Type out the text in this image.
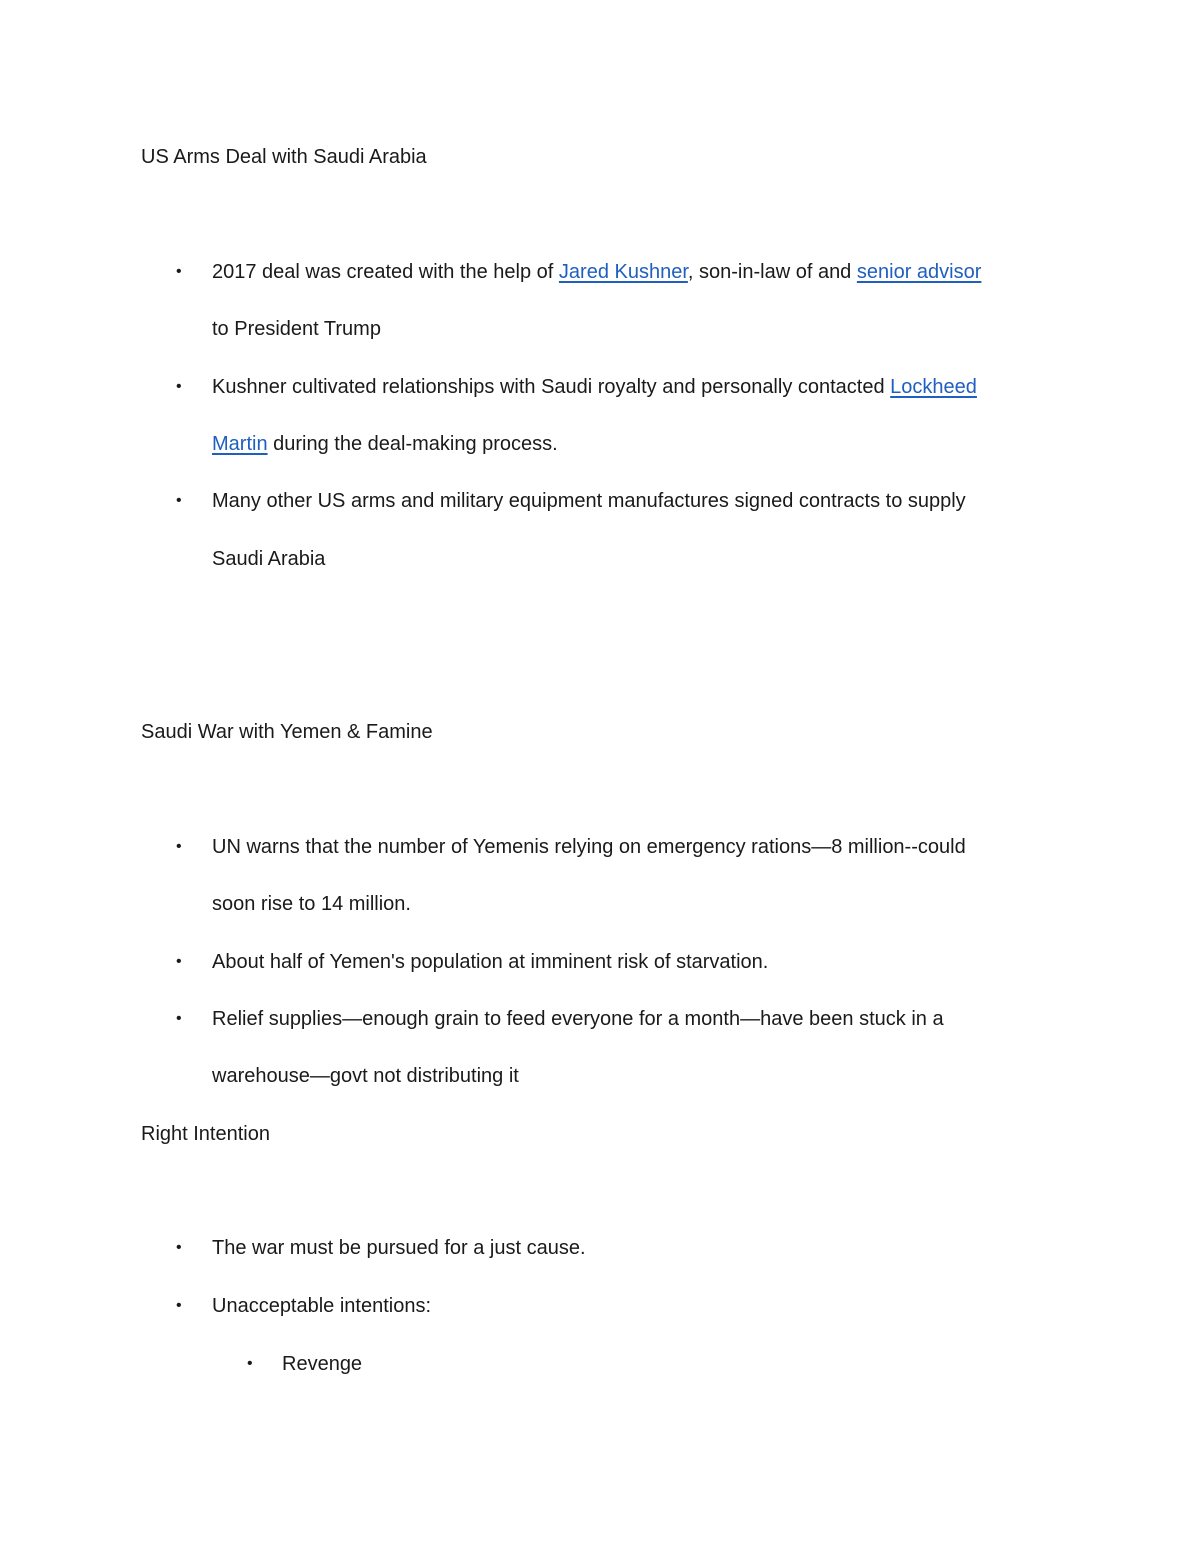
US Arms Deal with Saudi Arabia
• 2017 deal was created with the help of Jared Kushner, son-in-law of and senior advisor
to President Trump
• Kushner cultivated relationships with Saudi royalty and personally contacted Lockheed
Martin during the deal-making process.
• Many other US arms and military equipment manufactures signed contracts to supply
Saudi Arabia
Saudi War with Yemen & Famine
• UN warns that the number of Yemenis relying on emergency rations—8 million--could
soon rise to 14 million.
• About half of Yemen's population at imminent risk of starvation.
• Relief supplies—enough grain to feed everyone for a month—have been stuck in a
warehouse—govt not distributing it
Right Intention
• The war must be pursued for a just cause.
• Unacceptable intentions:
• Revenge
